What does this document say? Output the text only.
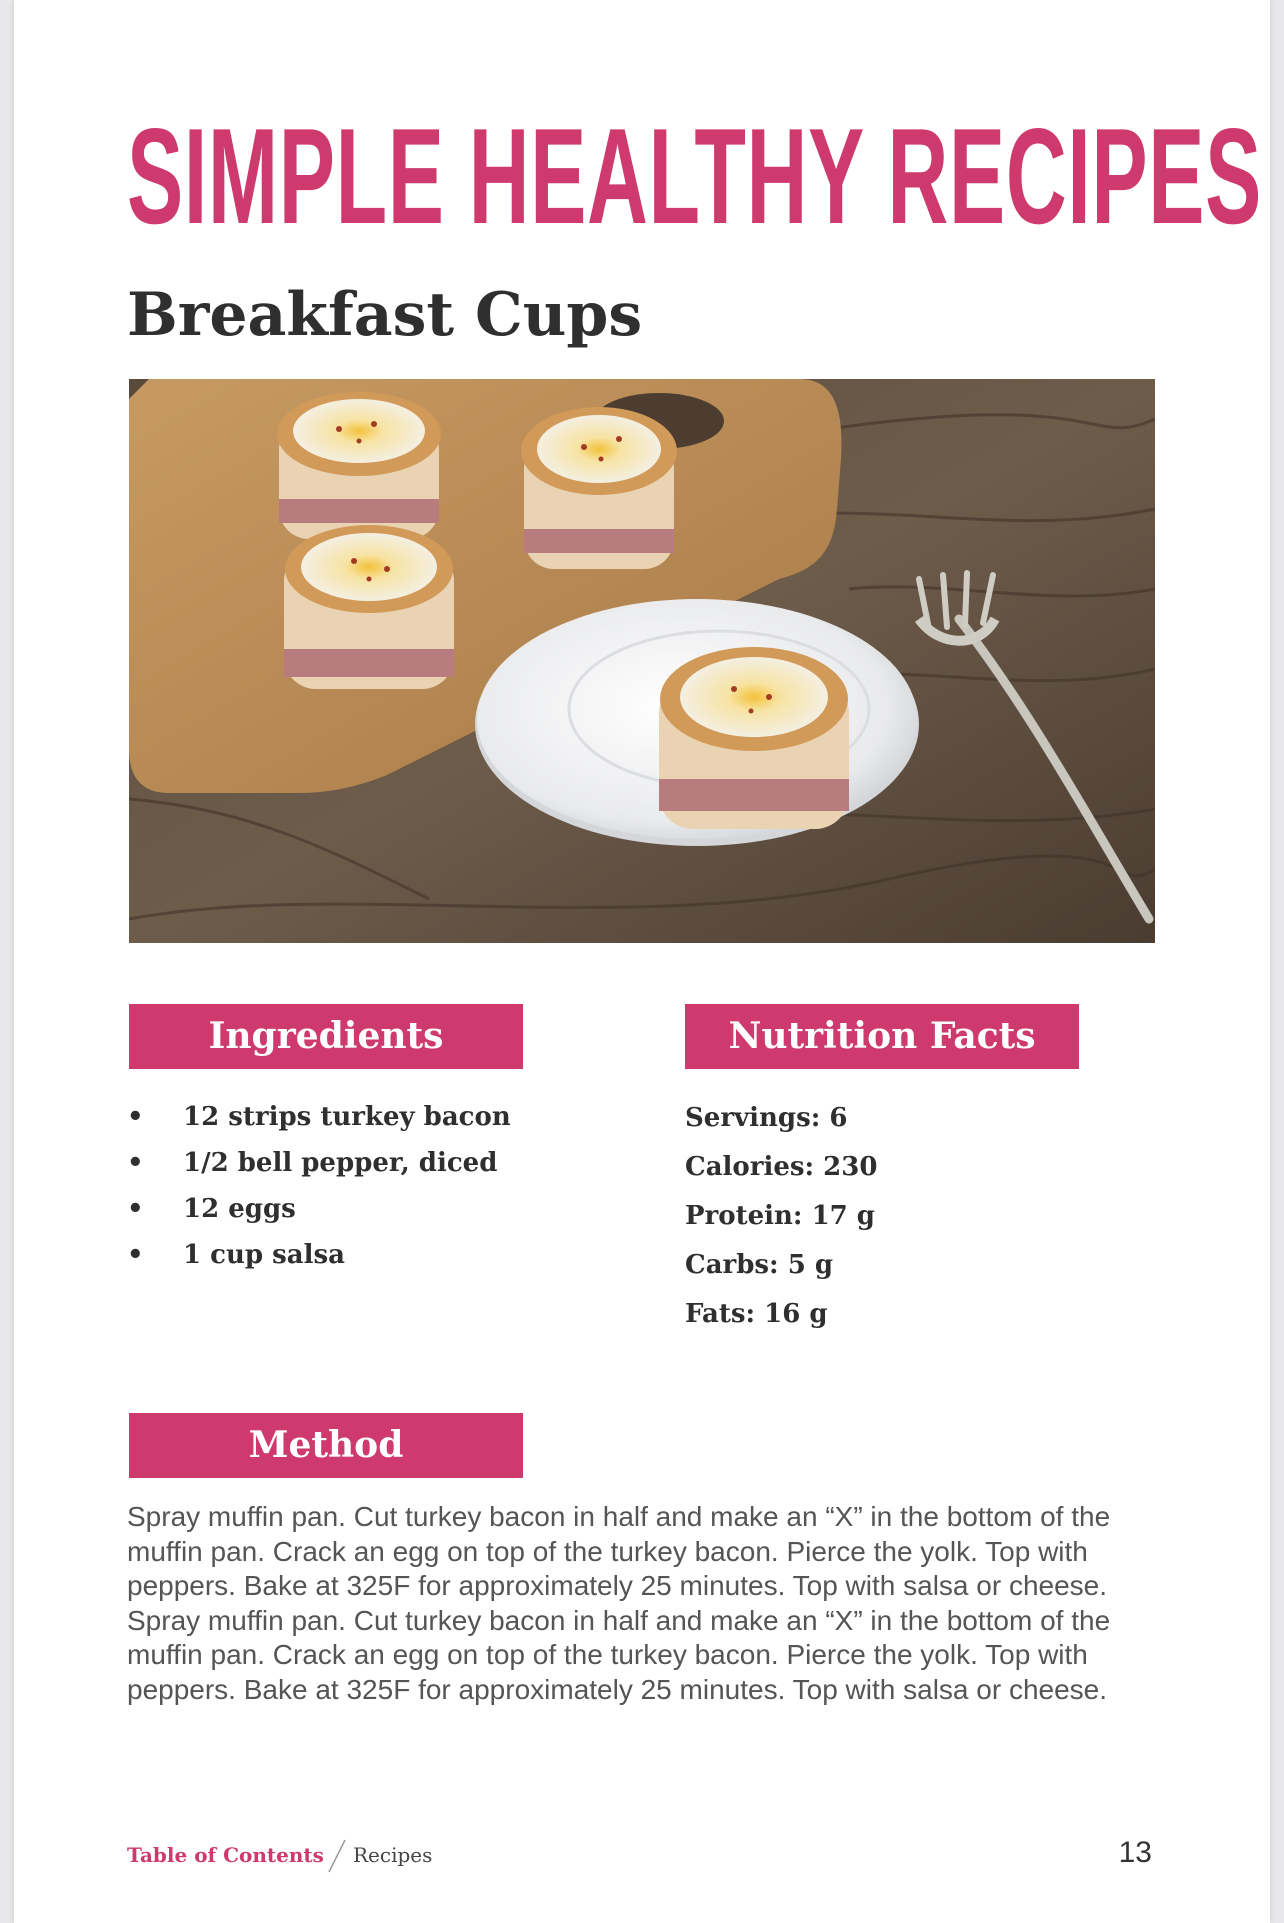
SIMPLE HEALTHY RECIPES
Breakfast Cups
Ingredients	Nutrition Facts
• 12 strips turkey bacon
• 1/2 bell pepper, diced
• 12 eggs
• 1 cup salsa
Servings: 6
Calories: 230
Protein: 17 g
Carbs: 5 g
Fats: 16 g
Method

Spray muffin pan. Cut turkey bacon in half and make an “X” in the bottom of the muffin pan. Crack an egg on top of the turkey bacon. Pierce the yolk. Top with peppers. Bake at 325F for approximately 25 minutes. Top with salsa or cheese. Spray muffin pan. Cut turkey bacon in half and make an “X” in the bottom of the muffin pan. Crack an egg on top of the turkey bacon. Pierce the yolk. Top with peppers. Bake at 325F for approximately 25 minutes. Top with salsa or cheese.

Table of Contents Recipes	13
